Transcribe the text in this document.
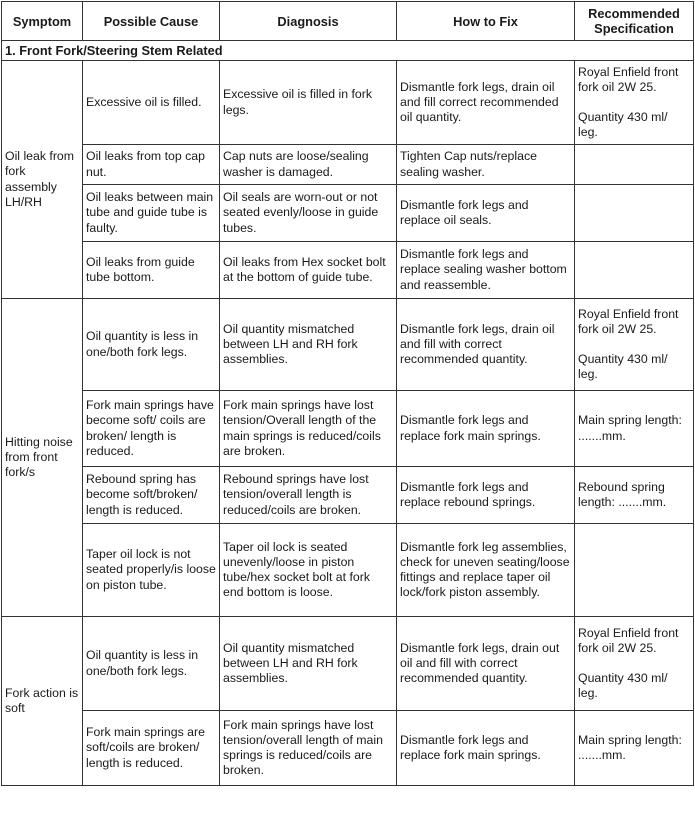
Symptom	Possible Cause	Diagnosis	How to Fix	Recommended Specification
1. Front Fork/Steering Stem Related				
Oil leak from fork assembly LH/RH	Excessive oil is filled.	Excessive oil is filled in fork legs.	Dismantle fork legs, drain oil and fill correct recommended oil quantity.	Royal Enfield front fork oil 2W 25.
Quantity 430 ml/ leg.

	Oil leaks from top cap nut.	Cap nuts are loose/sealing washer is damaged.	Tighten Cap nuts/replace sealing washer.	
	Oil leaks between main tube and guide tube is faulty.	Oil seals are worn-out or not seated evenly/loose in guide tubes.	Dismantle fork legs and replace oil seals.	
	Oil leaks from guide tube bottom.	Oil leaks from Hex socket bolt at the bottom of guide tube.	Dismantle fork legs and replace sealing washer bottom and reassemble.	
Hitting noise from front fork/s	Oil quantity is less in one/both fork legs.	Oil quantity mismatched between LH and RH fork assemblies.	Dismantle fork legs, drain oil and fill with correct recommended quantity.	Royal Enfield front fork oil 2W 25.
Quantity 430 ml/ leg.

	Fork main springs have become soft/ coils are broken/ length is reduced.	Fork main springs have lost tension/Overall length of the main springs is reduced/coils are broken.	Dismantle fork legs and replace fork main springs.	Main spring length: .......mm.
	Rebound spring has become soft/broken/ length is reduced.	Rebound springs have lost tension/overall length is reduced/coils are broken.	Dismantle fork legs and replace rebound springs.	Rebound spring length: .......mm.
	Taper oil lock is not seated properly/is loose on piston tube.	Taper oil lock is seated unevenly/loose in piston tube/hex socket bolt at fork end bottom is loose.	Dismantle fork leg assemblies, check for uneven seating/loose fittings and replace taper oil lock/fork piston assembly.	
Fork action is soft	Oil quantity is less in one/both fork legs.	Oil quantity mismatched between LH and RH fork assemblies.	Dismantle fork legs, drain out oil and fill with correct recommended quantity.	Royal Enfield front fork oil 2W 25.
Quantity 430 ml/ leg.

	Fork main springs are soft/coils are broken/ length is reduced.	Fork main springs have lost tension/overall length of main springs is reduced/coils are broken.	Dismantle fork legs and replace fork main springs.	Main spring length: .......mm.
